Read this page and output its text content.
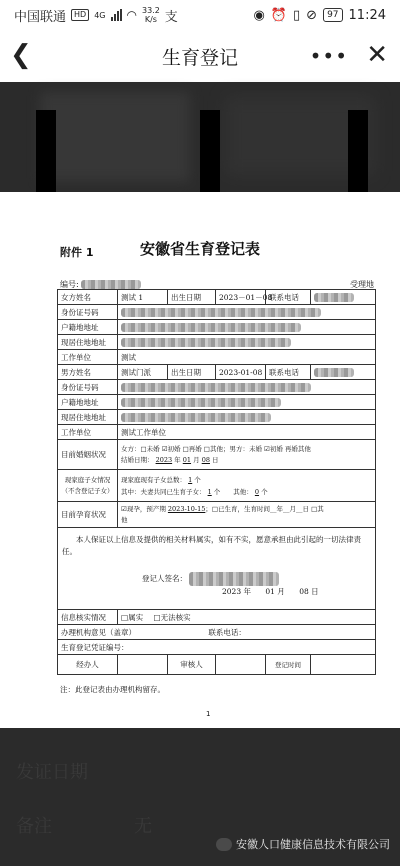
中国联通	HD	4G ◠ 33.2
K/s 支	◉ ⏰ ▯ ⊘	97 11:24
❮	生育登记	••• ✕
附件 1	安徽省生育登记表
编号:	受理地
女方姓名	测试 1	出生日期	2023－01－08	联系电话	
身份证号码					
户籍地地址					
现居住地地址					
工作单位	测试				
男方姓名	测试门派	出生日期	2023-01-08	联系电话	
身份证号码					
户籍地地址					
现居住地地址					
工作单位	测试工作单位				
目前婚姻状况	女方：□未婚 ☑初婚 □再婚 □其他；男方：未婚 ☑初婚 再婚其他
结婚日期： 2023 年 01 月 08 日				
现家庭子女情况
（不含登记子女）	现家庭现有子女总数： 1 个
其中：夫妻共同已生育子女： 1 个　　其他： 0 个				
目前孕育状况	☑现孕，预产期 2023-10-15；□已生育，生育时间__年__月__日 □其
他				

本人保证以上信息及提供的相关材料属实，如有不实，愿意承担由此引起的一切法律责任。
登记人签名：
2023 年 01 月 08 日					

信息核实情况	□属实 □无法核实				
办理机构意见（盖章） 联系电话：					
生育登记凭证编号：					
经办人		审核人		登记时间	
注：此登记表由办理机构留存。
1
发证日期
备注	无
安徽人口健康信息技术有限公司
